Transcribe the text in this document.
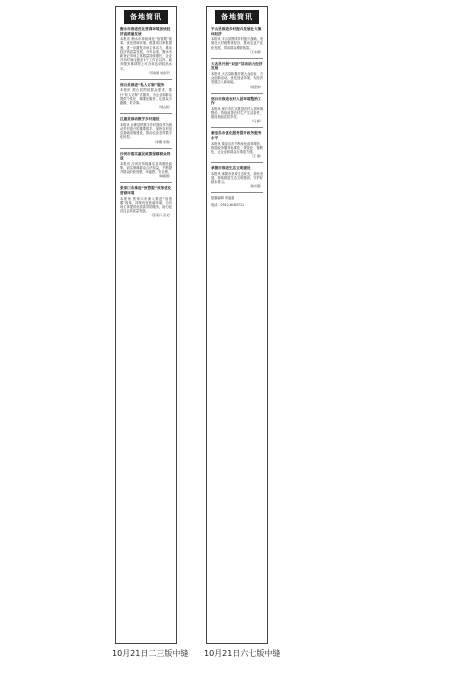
备地简讯

衡水市推进优化营商环境加快经济高质量发展

本报讯 衡水市持续深化“放管服”改革，优化营商环境，推进项目审批提速，进一步激发市场主体活力，推动经济高质量发展。今年以来，衡水市新登记市场主体数量持续增长，企业开办时间压缩至1个工作日以内，政务服务事项网上可办率达到较高水平。

（苏建国 刘金平）

邢台县推进“私人订制”服务

本报讯 邢台县围绕群众需求，推行“私人订制”式服务，为企业和群众提供个性化、精准化服务，让群众少跑腿、好办事。

（刘占民）

巨鹿县推动数字乡村建设

本报讯 巨鹿县把数字乡村建设作为推动乡村振兴的重要抓手，加快农村信息基础设施建设，推动农业农村数字化转型。

（李娜 李春）

沙河市落实惠民政策保障群众利益

本报讯 沙河市持续落实各项惠民政策，切实保障群众合法权益，不断提升群众的获得感、幸福感、安全感。

（韩振国）

张家口市推进“放管服”改革优化营商环境

本报讯 张家口市深入推进“放管服”改革，持续优化营商环境，为市场主体提供优质高效的服务，助力经济社会高质量发展。

（张家口 宣文）

备地简讯

平山县推进乡村振兴发展壮大集体经济

本报讯 平山县围绕乡村振兴战略，发展壮大村级集体经济，推动农业产业化发展，带动群众增收致富。

（王永春）

大名县开展“双创”活动助力经济发展

本报讯 大名县积极开展大众创业、万众创新活动，优化创业环境，为经济发展注入新动能。

（刘宏伟）

邢台市推进农村人居环境整治工作

本报讯 邢台市扎实推进农村人居环境整治，持续改善农村生产生活条件，建设美丽宜居乡村。

（马 彬）

秦皇岛市优化服务提升政务服务水平

本报讯 秦皇岛市不断优化政务服务，推进政务服务标准化、规范化、便利化，让企业和群众办事更方便。

（王 强）

承德市推进生态文明建设

本报讯 承德市坚持生态优先、绿色发展，持续推进生态文明建设，守护好绿水青山。

（徐志强）

组版编辑 李晶晶

电话：0312-6163711

10月21日二三版中缝 10月21日六七版中缝
